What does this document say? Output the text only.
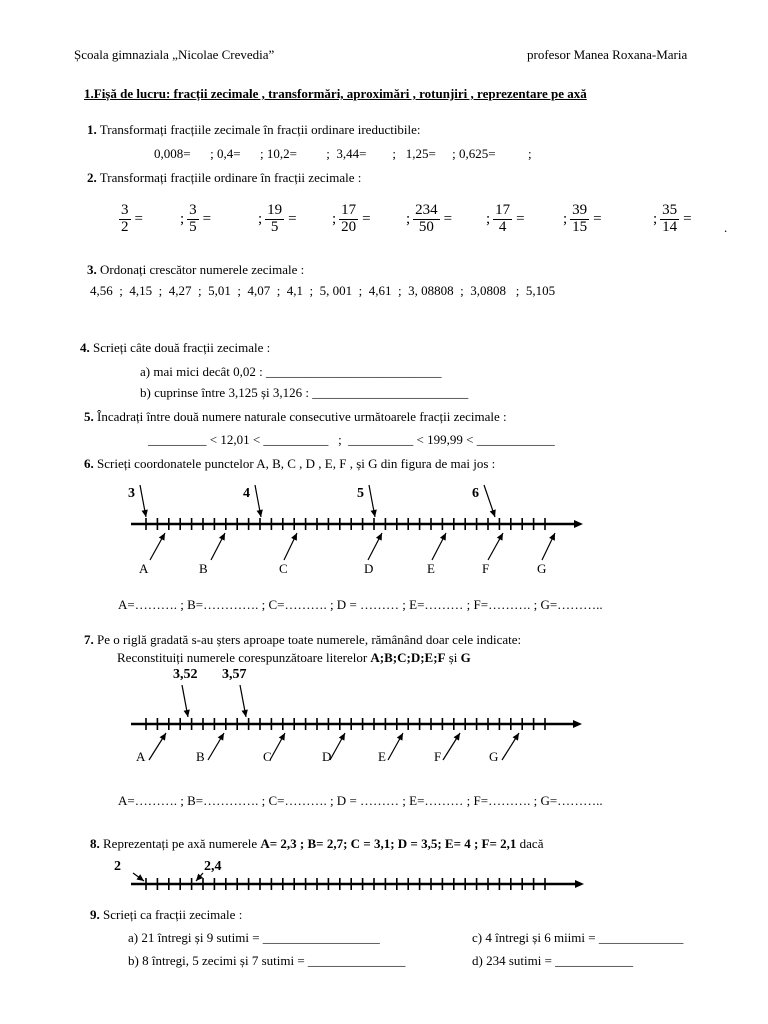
Școala gimnaziala „Nicolae Crevedia”	profesor Manea Roxana-Maria
1.Fișă de lucru: fracții zecimale , transformări, aproximări , rotunjiri , reprezentare pe axă
1. Transformați fracțiile zecimale în fracții ordinare ireductibile:
0,008=      ; 0,4=      ; 10,2=         ;  3,44=        ;   1,25=     ; 0,625=          ;
2. Transformați fracțiile ordinare în fracții zecimale :
$\frac{3}{2}$ = ; $\frac{3}{5}$ =	; $\frac{19}{5}$ = ; $\frac{17}{20}$ = ; $\frac{234}{50}$ = ; $\frac{17}{4}$ =	; $\frac{39}{15}$ =	; $\frac{35}{14}$ =
.
3. Ordonați crescător numerele zecimale :
4,56  ;  4,15  ;  4,27  ;  5,01  ;  4,07  ;  4,1  ;  5, 001  ;  4,61  ;  3, 08808  ;  3,0808   ;  5,105
4. Scrieți câte două fracții zecimale :
a) mai mici decât 0,02 : ___________________________
b) cuprinse între 3,125 și 3,126 : ________________________
5. Încadrați între două numere naturale consecutive următoarele fracții zecimale :
_________ < 12,01 < __________   ;  __________ < 199,99 < ____________
6. Scrieți coordonatele punctelor A, B, C , D , E, F , și G din figura de mai jos :
3	4	5	6
A	B	C	D	E	F	G
A=………. ; B=…………. ; C=………. ; D = ……… ; E=……… ; F=………. ; G=………..
7. Pe o riglă gradată s-au șters aproape toate numerele, rămânând doar cele indicate:
Reconstituiți numerele corespunzătoare literelor A;B;C;D;E;F și G
3,52 3,57
A	B	C	D	E	F	G
A=………. ; B=…………. ; C=………. ; D = ……… ; E=……… ; F=………. ; G=………..
8. Reprezentați pe axă numerele A= 2,3 ; B= 2,7; C = 3,1; D = 3,5; E= 4 ; F= 2,1 dacă
2	2,4
9. Scrieți ca fracții zecimale :
a) 21 întregi și 9 sutimi = __________________
b) 8 întregi, 5 zecimi și 7 sutimi = _______________
c) 4 întregi și 6 miimi = _____________
d) 234 sutimi = ____________
